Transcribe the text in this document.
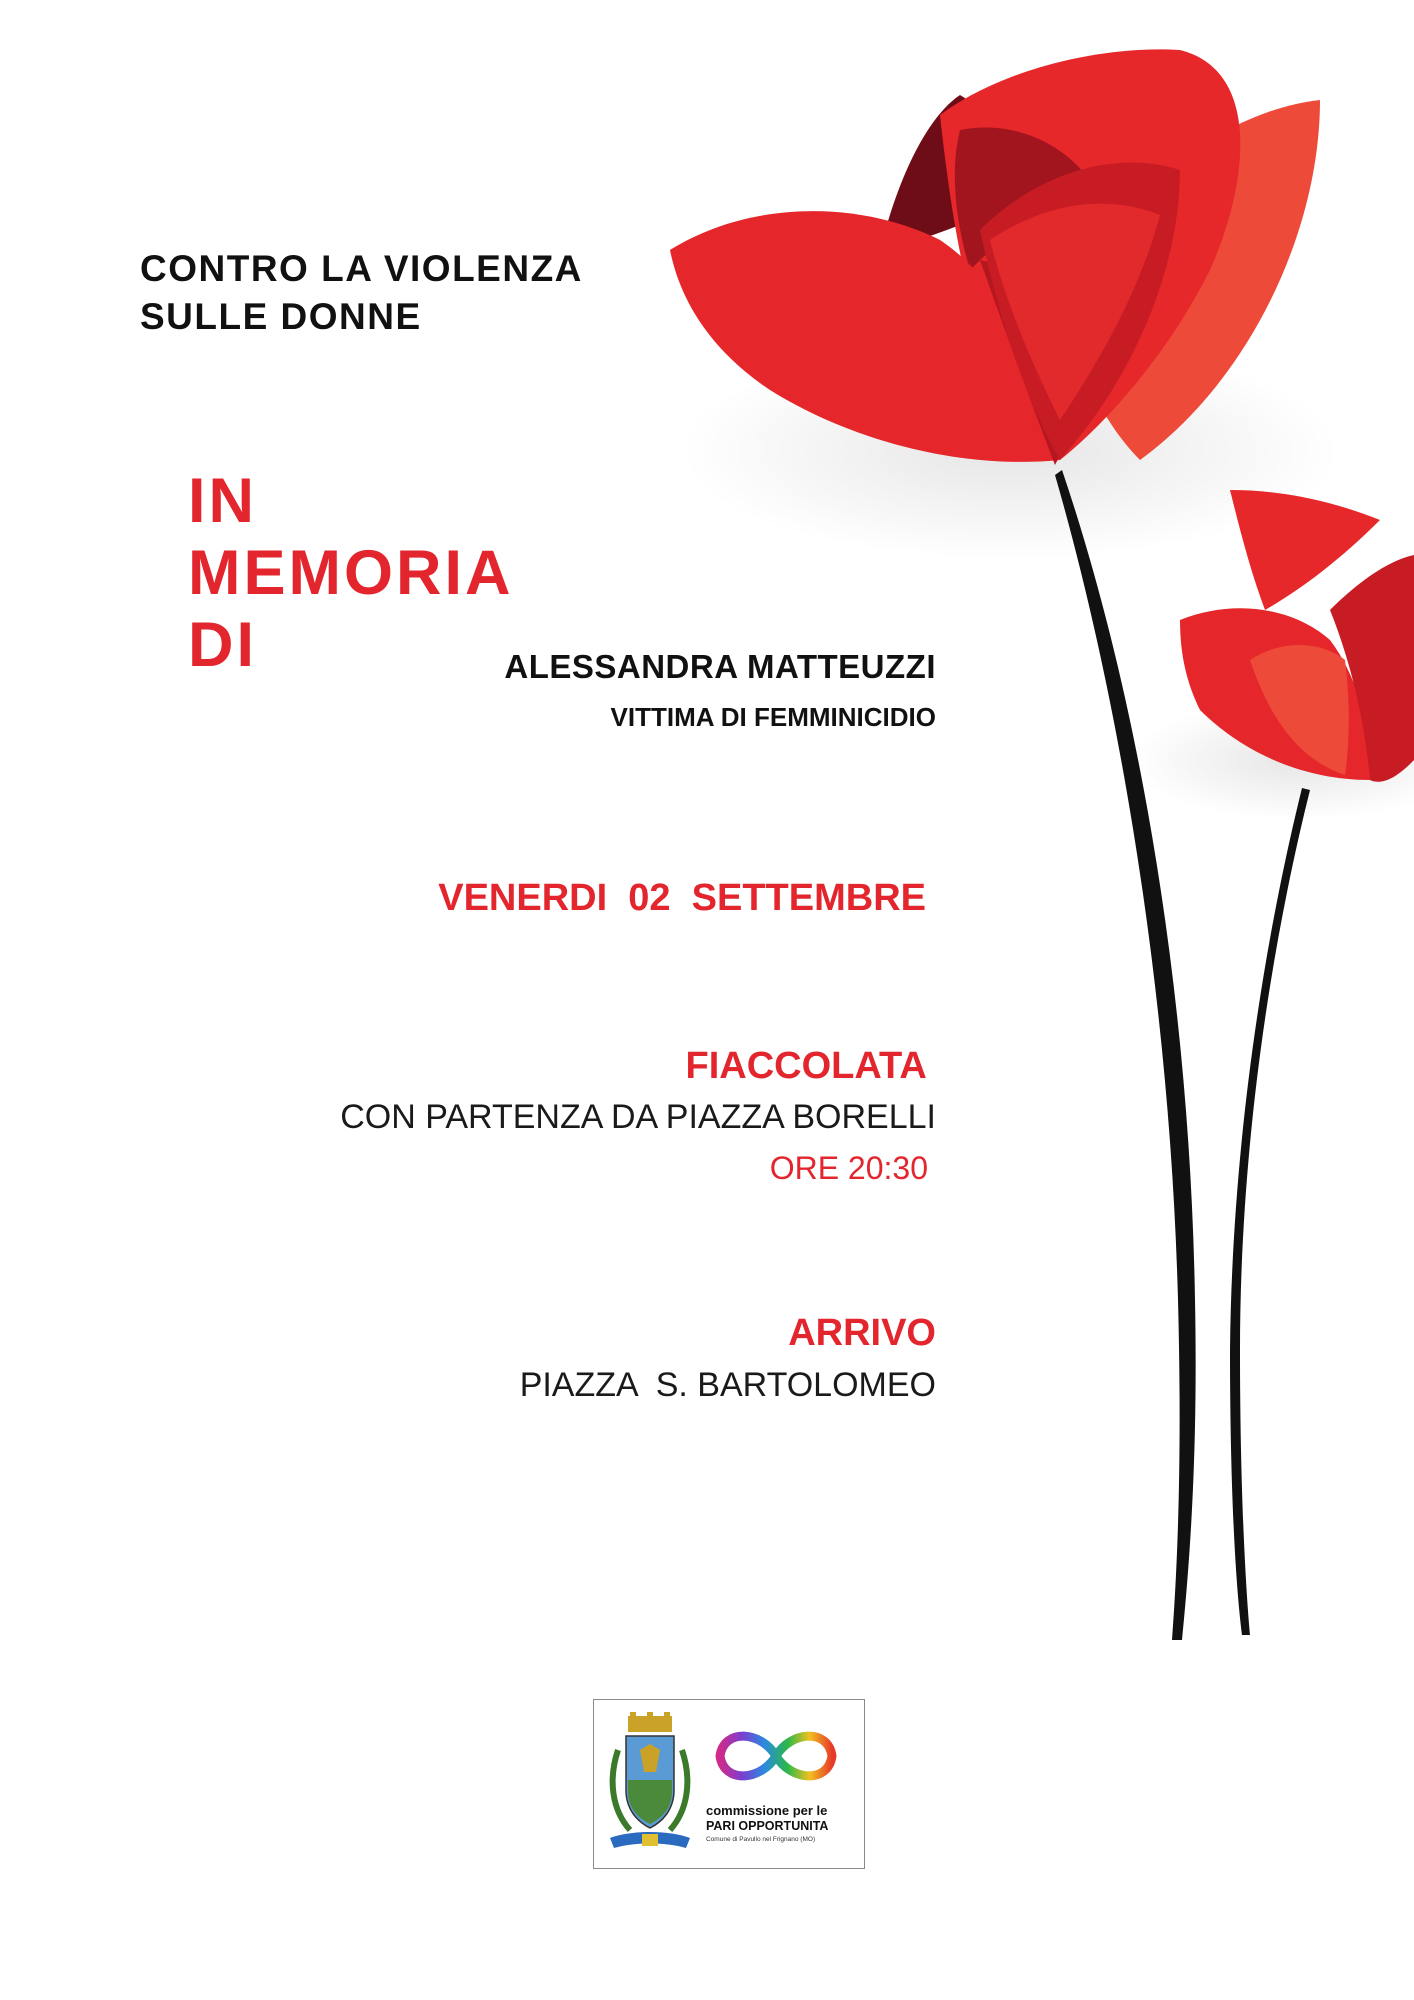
CONTRO LA VIOLENZA
SULLE DONNE
IN
MEMORIA
DI	ALESSANDRA MATTEUZZI
VITTIMA DI FEMMINICIDIO
VENERDI  02  SETTEMBRE
FIACCOLATA
CON PARTENZA DA PIAZZA BORELLI
ORE 20:30
ARRIVO
PIAZZA  S. BARTOLOMEO
commissione per le
PARI OPPORTUNITA
Comune di Pavullo nel Frignano (MO)
